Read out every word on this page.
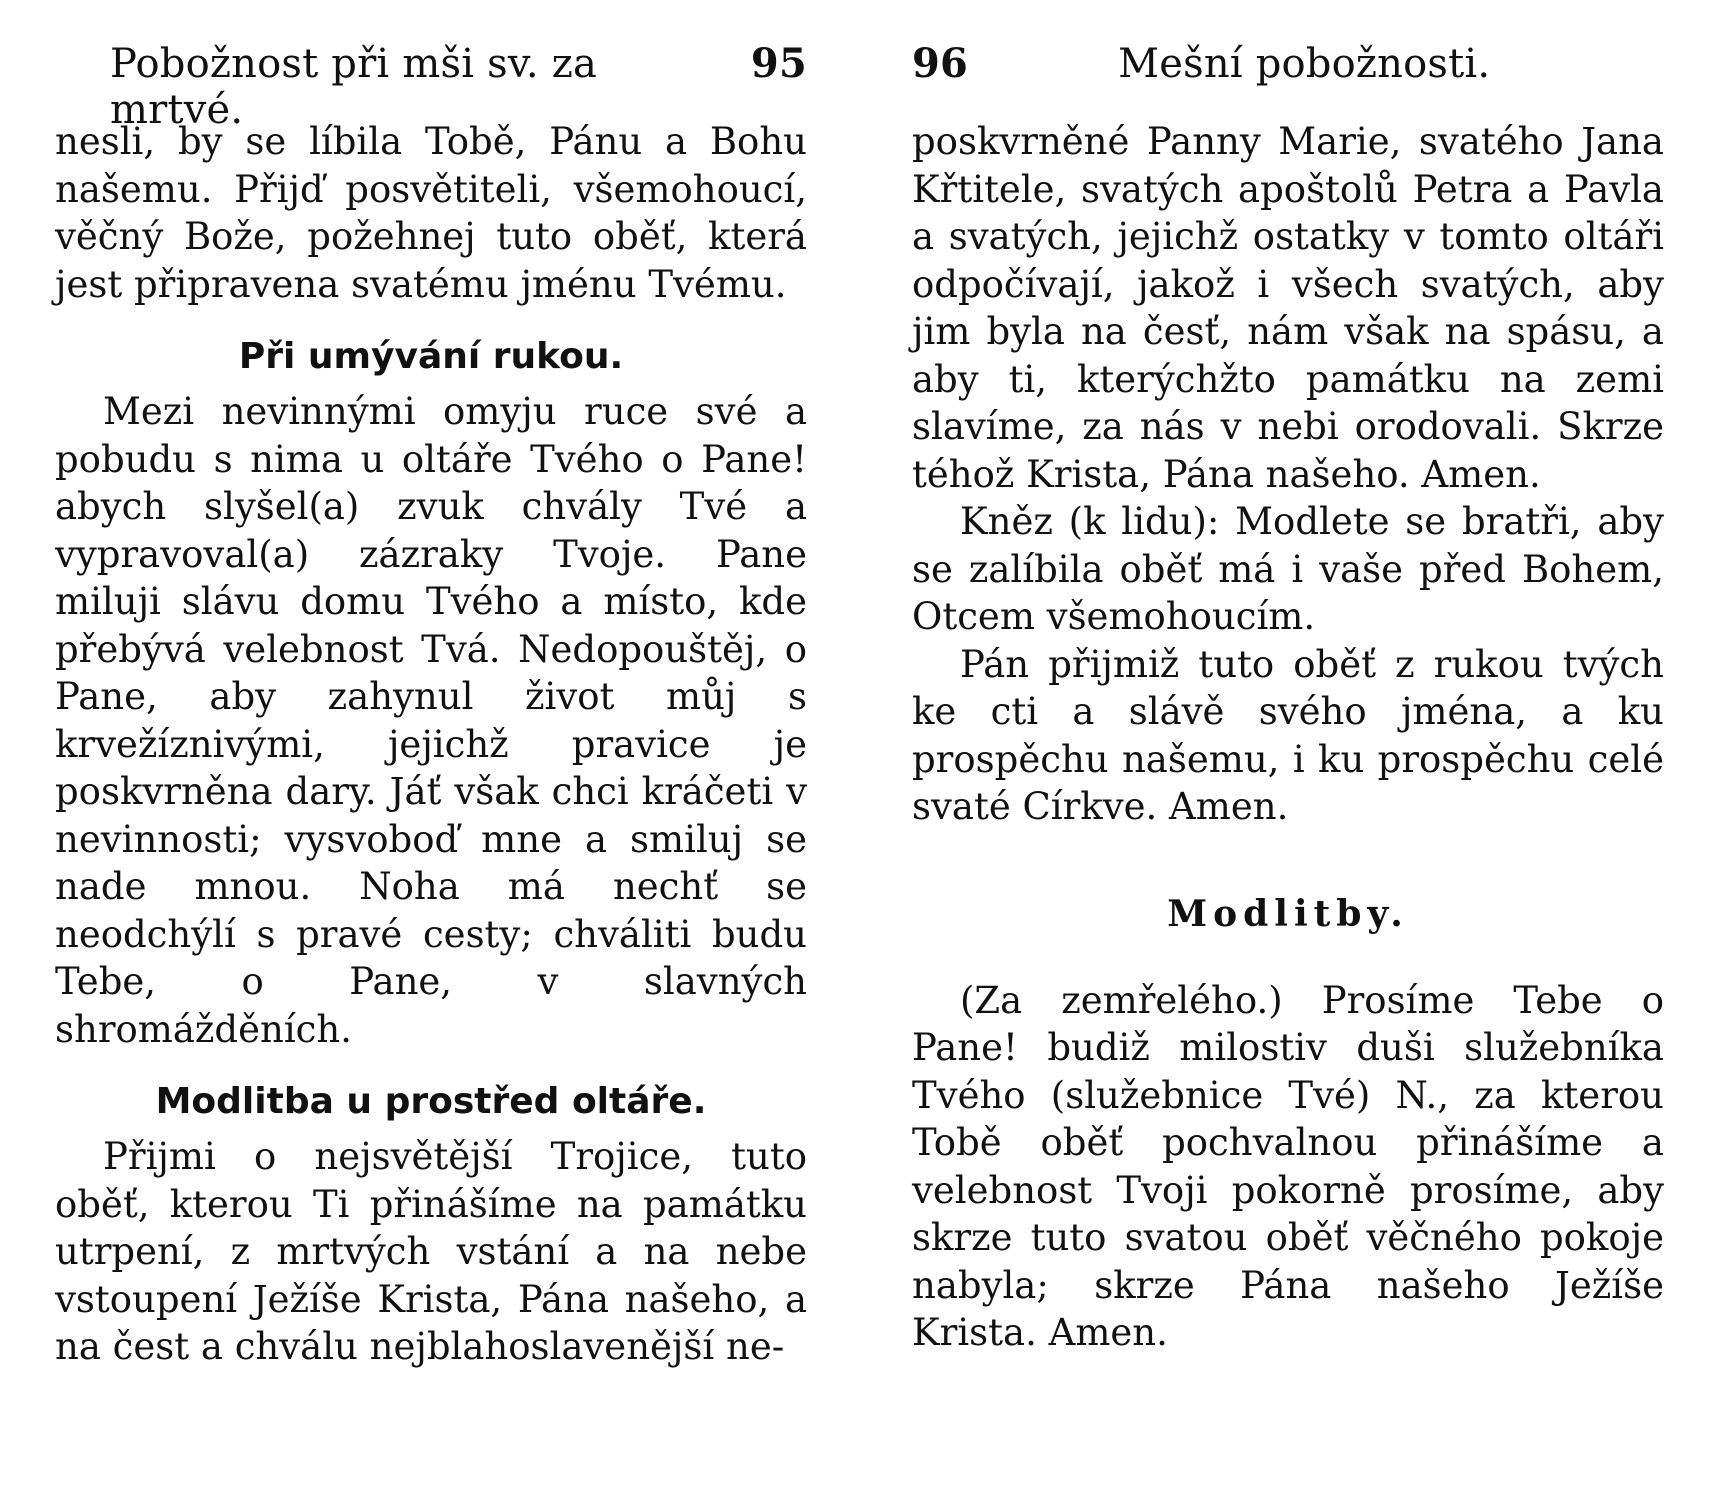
Pobožnost při mši sv. za mrtvé.
95

nesli, by se líbila Tobě, Pánu a Bohu našemu. Přijď posvětiteli, všemohoucí, věčný Bože, požehnej tuto oběť, která jest připravena svatému jménu Tvému.

Při umývání rukou.

Mezi nevinnými omyju ruce své a pobudu s nima u oltáře Tvého o Pane! abych slyšel(a) zvuk chvály Tvé a vypravoval(a) zázraky Tvoje. Pane miluji slávu domu Tvého a místo, kde přebývá velebnost Tvá. Nedopouštěj, o Pane, aby zahynul život můj s krvežíznivými, jejichž pravice je poskvrněna dary. Jáť však chci kráčeti v nevinnosti; vysvoboď mne a smiluj se nade mnou. Noha má nechť se neodchýlí s pravé cesty; chváliti budu Tebe, o Pane, v slavných shromážděních.

Modlitba u prostřed oltáře.

Přijmi o nejsvětější Trojice, tuto oběť, kterou Ti přinášíme na památku utrpení, z mrtvých vstání a na nebe vstoupení Ježíše Krista, Pána našeho, a na čest a chválu nejblahoslavenější ne-

96	Mešní pobožnosti.

poskvrněné Panny Marie, svatého Jana Křtitele, svatých apoštolů Petra a Pavla a svatých, jejichž ostatky v tomto oltáři odpočívají, jakož i všech svatých, aby jim byla na česť, nám však na spásu, a aby ti, kterýchžto památku na zemi slavíme, za nás v nebi orodovali. Skrze téhož Krista, Pána našeho. Amen.

Kněz (k lidu): Modlete se bratři, aby se zalíbila oběť má i vaše před Bohem, Otcem všemohoucím.

Pán přijmiž tuto oběť z rukou tvých ke cti a slávě svého jména, a ku prospěchu našemu, i ku prospěchu celé svaté Církve. Amen.

Modlitby.

(Za zemřelého.) Prosíme Tebe o Pane! budiž milostiv duši služebníka Tvého (služebnice Tvé) N., za kterou Tobě oběť pochvalnou přinášíme a velebnost Tvoji pokorně prosíme, aby skrze tuto svatou oběť věčného pokoje nabyla; skrze Pána našeho Ježíše Krista. Amen.
